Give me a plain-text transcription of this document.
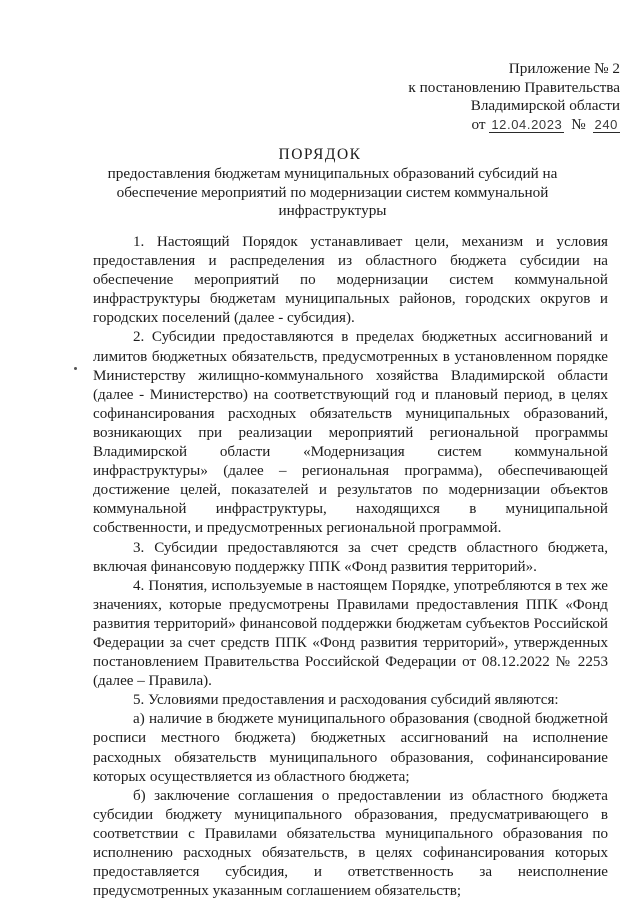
Приложение № 2
к постановлению Правительства
Владимирской области
от 12.04.2023 № 240
ПОРЯДОК
предоставления бюджетам муниципальных образований субсидий на
обеспечение мероприятий по модернизации систем коммунальной
инфраструктуры

1. Настоящий Порядок устанавливает цели, механизм и условия предоставления и распределения из областного бюджета субсидии на обеспечение мероприятий по модернизации систем коммунальной инфраструктуры бюджетам муниципальных районов, городских округов и городских поселений (далее - субсидия).

2. Субсидии предоставляются в пределах бюджетных ассигнований и лимитов бюджетных обязательств, предусмотренных в установленном порядке Министерству жилищно-коммунального хозяйства Владимирской области (далее - Министерство) на соответствующий год и плановый период, в целях софинансирования расходных обязательств муниципальных образований, возникающих при реализации мероприятий региональной программы Владимирской области «Модернизация систем коммунальной инфраструктуры» (далее – региональная программа), обеспечивающей достижение целей, показателей и результатов по модернизации объектов коммунальной инфраструктуры, находящихся в муниципальной собственности, и предусмотренных региональной программой.

3. Субсидии предоставляются за счет средств областного бюджета, включая финансовую поддержку ППК «Фонд развития территорий».

4. Понятия, используемые в настоящем Порядке, употребляются в тех же значениях, которые предусмотрены Правилами предоставления ППК «Фонд развития территорий» финансовой поддержки бюджетам субъектов Российской Федерации за счет средств ППК «Фонд развития территорий», утвержденных постановлением Правительства Российской Федерации от 08.12.2022 № 2253 (далее – Правила).

5. Условиями предоставления и расходования субсидий являются:

а) наличие в бюджете муниципального образования (сводной бюджетной росписи местного бюджета) бюджетных ассигнований на исполнение расходных обязательств муниципального образования, софинансирование которых осуществляется из областного бюджета;

б) заключение соглашения о предоставлении из областного бюджета субсидии бюджету муниципального образования, предусматривающего в соответствии с Правилами обязательства муниципального образования по исполнению расходных обязательств, в целях софинансирования которых предоставляется субсидия, и ответственность за неисполнение предусмотренных указанным соглашением обязательств;
